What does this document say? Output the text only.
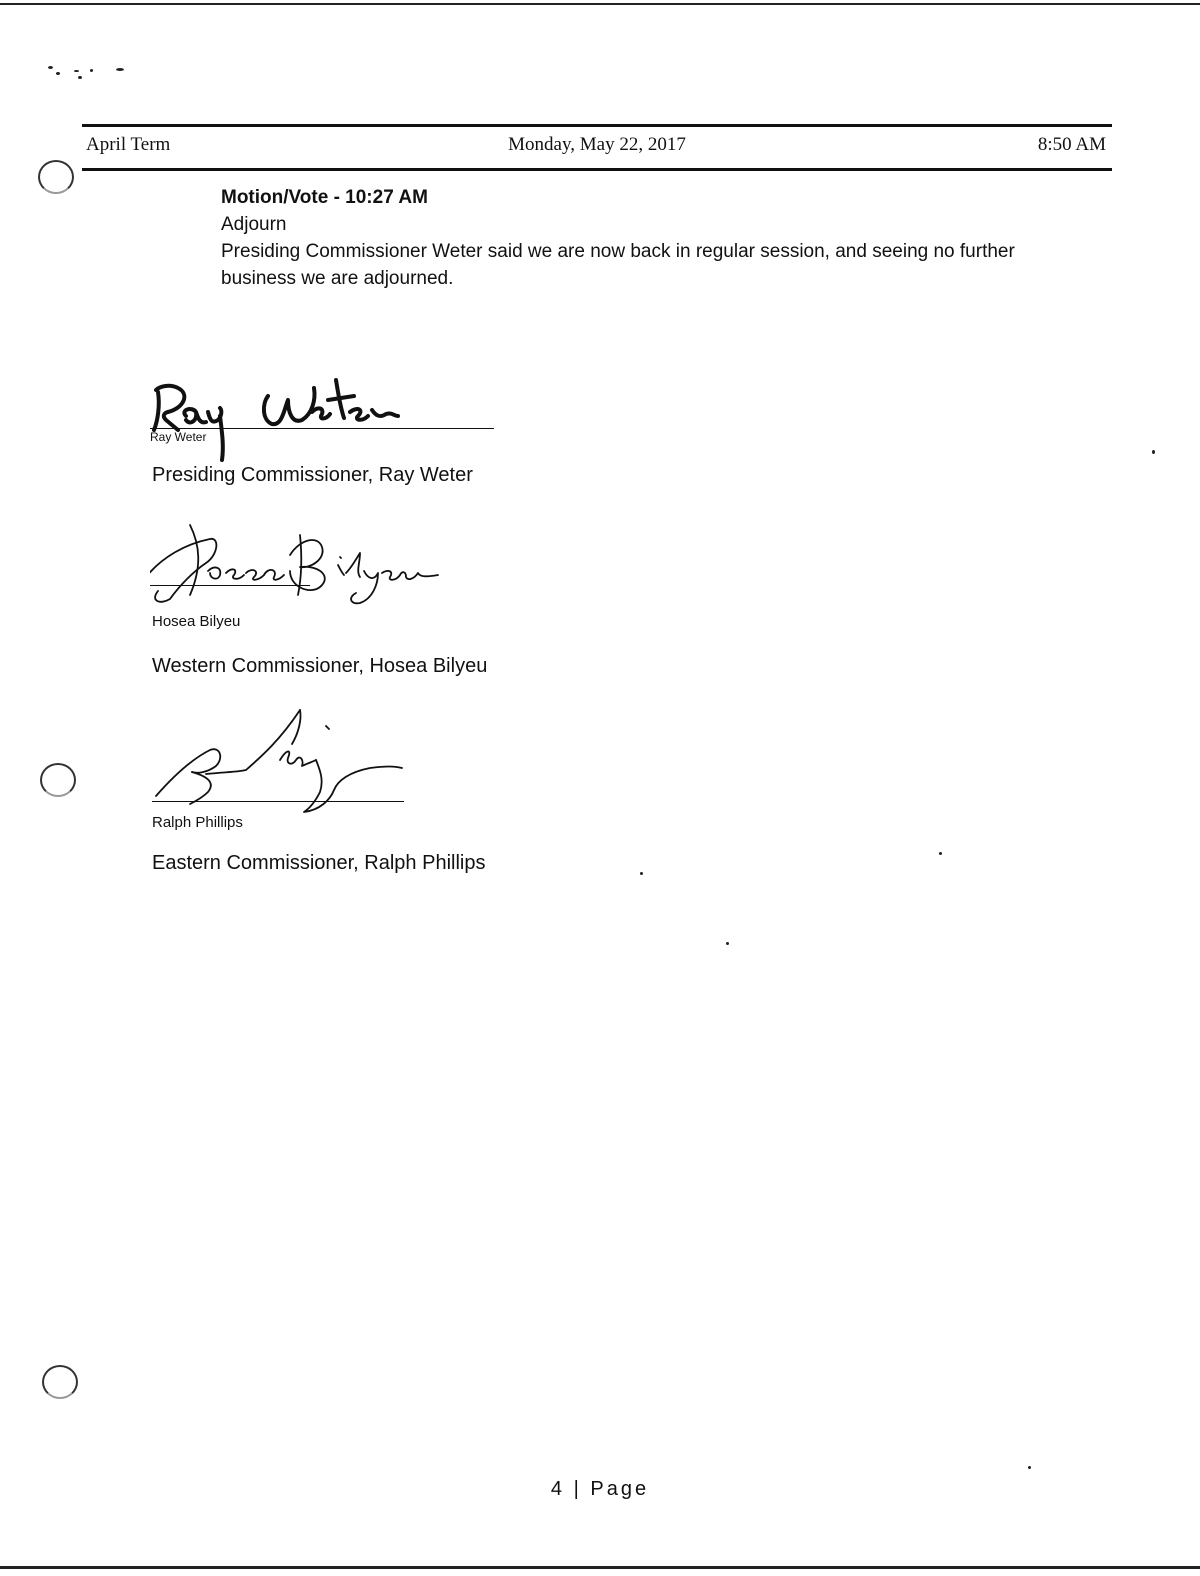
Monday, May 22, 2017
April Term	8:50 AM
Motion/Vote - 10:27 AM
Adjourn
Presiding Commissioner Weter said we are now back in regular session, and seeing no further business we are adjourned.
Ray Weter
Presiding Commissioner, Ray Weter
Hosea Bilyeu
Western Commissioner, Hosea Bilyeu
Ralph Phillips
Eastern Commissioner, Ralph Phillips
4 | Page
